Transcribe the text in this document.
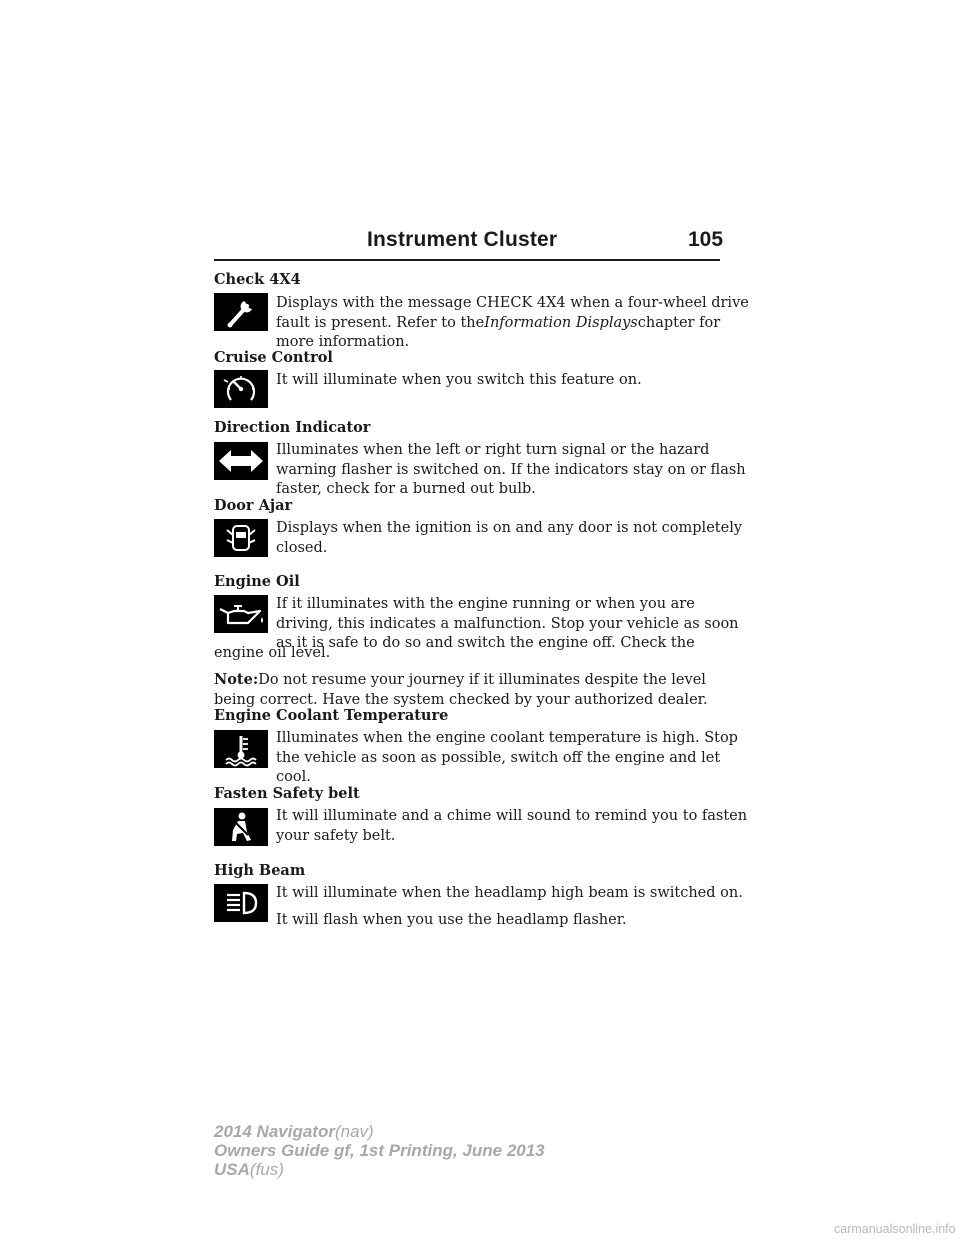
Instrument Cluster	105
Check 4X4
Displays with the message CHECK 4X4 when a four-wheel drive
fault is present. Refer to theInformation Displayschapter for
more information.
Cruise Control
It will illuminate when you switch this feature on.
Direction Indicator
Illuminates when the left or right turn signal or the hazard
warning flasher is switched on. If the indicators stay on or flash
faster, check for a burned out bulb.
Door Ajar
Displays when the ignition is on and any door is not completely
closed.
Engine Oil
If it illuminates with the engine running or when you are
driving, this indicates a malfunction. Stop your vehicle as soon
as it is safe to do so and switch the engine off. Check the
engine oil level.
Note:Do not resume your journey if it illuminates despite the level
being correct. Have the system checked by your authorized dealer.
Engine Coolant Temperature
Illuminates when the engine coolant temperature is high. Stop
the vehicle as soon as possible, switch off the engine and let
cool.
Fasten Safety belt
It will illuminate and a chime will sound to remind you to fasten
your safety belt.
High Beam
It will illuminate when the headlamp high beam is switched on.
It will flash when you use the headlamp flasher.
2014 Navigator(nav)
Owners Guide gf, 1st Printing, June 2013
USA(fus)
carmanualsonline.info
